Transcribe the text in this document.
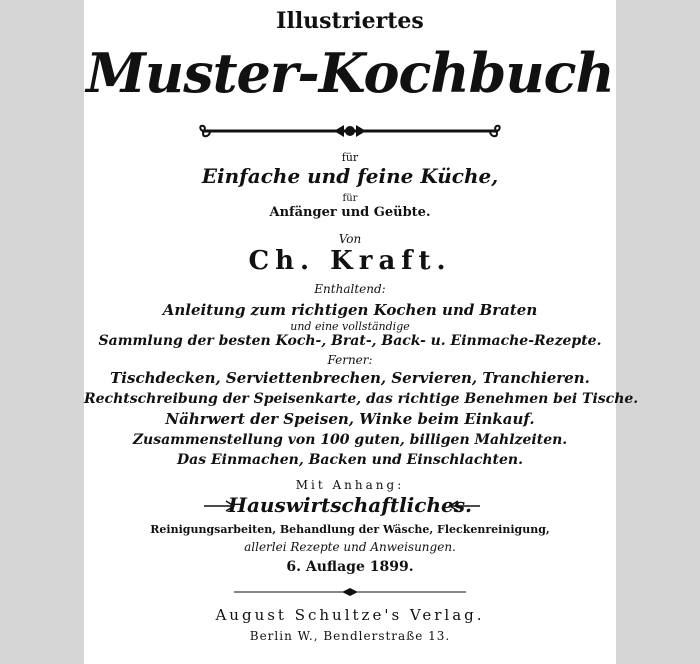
Illustriertes
Muster-Kochbuch
für
Einfache und feine Küche,
für
Anfänger und Geübte.
Von
Ch. Kraft.
Enthaltend:
Anleitung zum richtigen Kochen und Braten
und eine vollständige
Sammlung der besten Koch-, Brat-, Back- u. Einmache-Rezepte.
Ferner:
Tischdecken, Serviettenbrechen, Servieren, Tranchieren.
Rechtschreibung der Speisenkarte, das richtige Benehmen bei Tische.
Nährwert der Speisen, Winke beim Einkauf.
Zusammenstellung von 100 guten, billigen Mahlzeiten.
Das Einmachen, Backen und Einschlachten.
Mit Anhang:
Hauswirtschaftliches.
Reinigungsarbeiten, Behandlung der Wäsche, Fleckenreinigung,
allerlei Rezepte und Anweisungen.
6. Auflage 1899.
August Schultze's Verlag.
Berlin W., Bendlerstraße 13.
